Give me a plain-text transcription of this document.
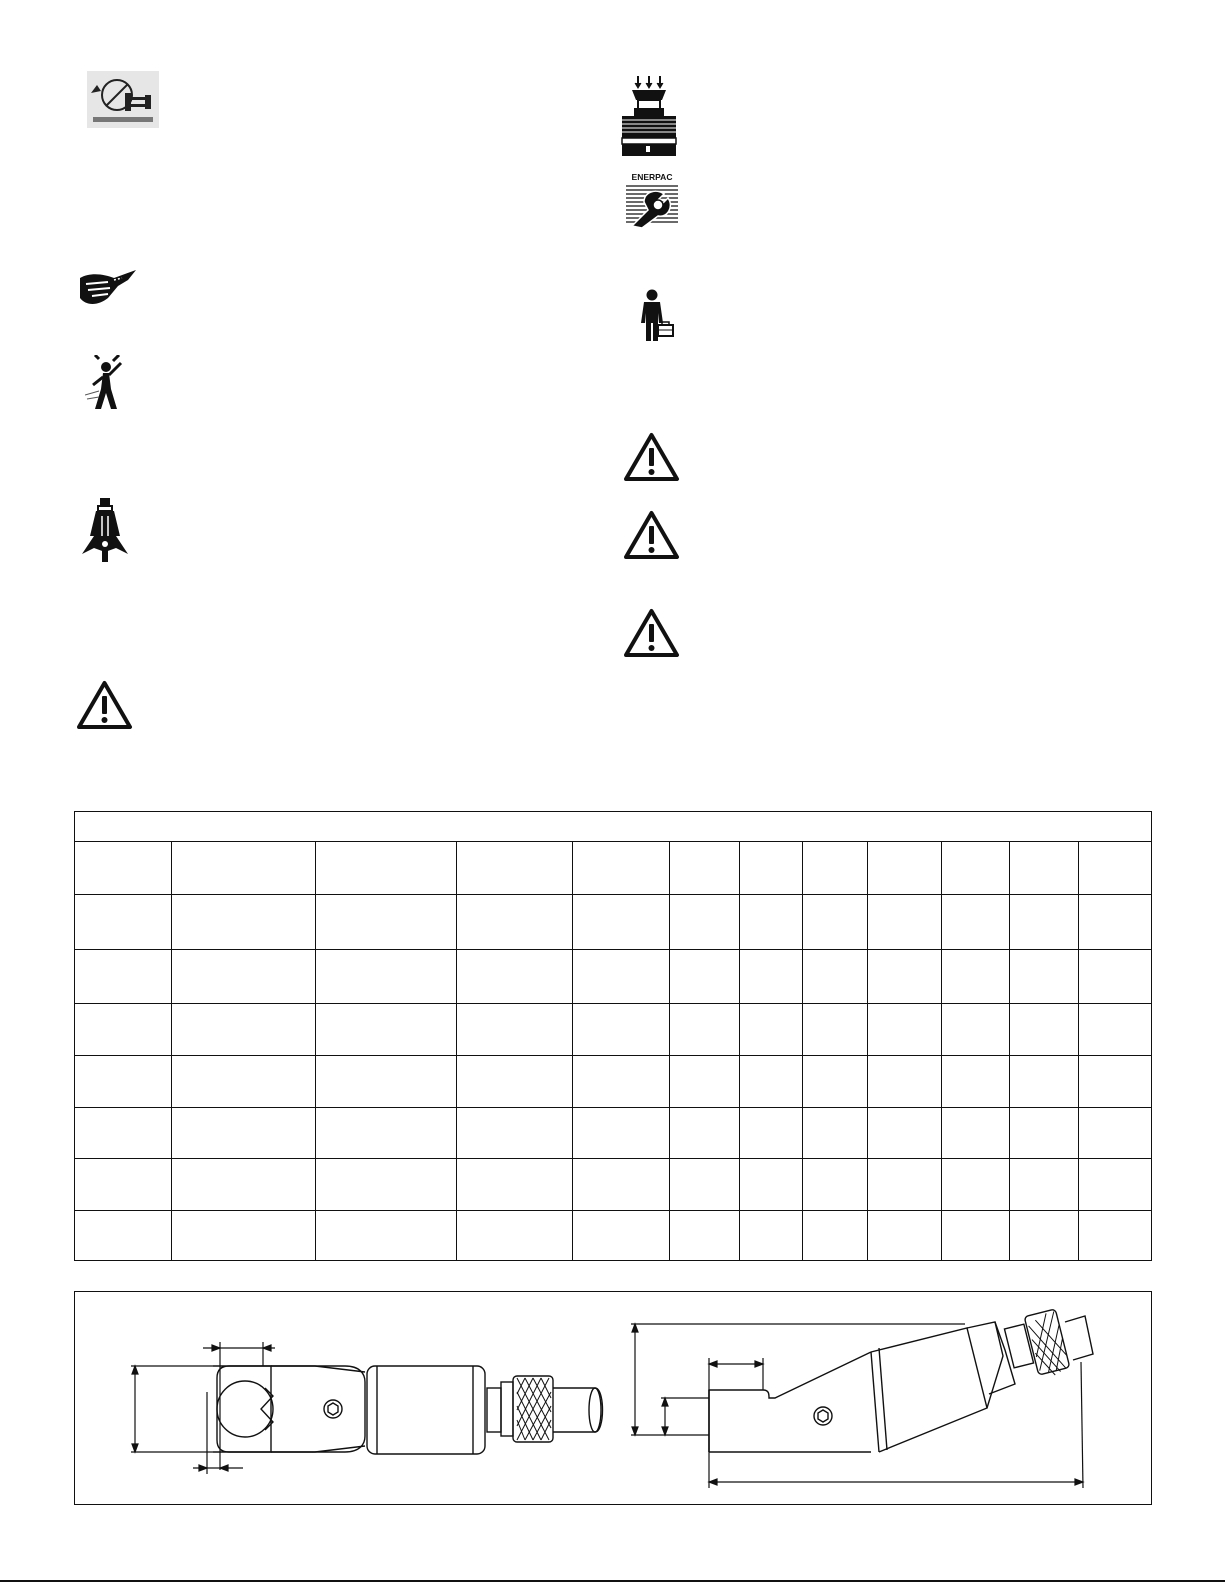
ENERPAC
